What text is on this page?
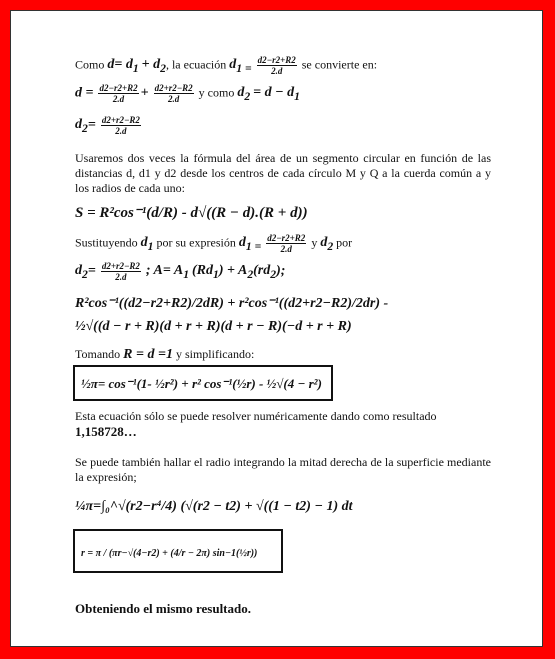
Como $d= d_1 + d_2$, la ecuación $d_{1 =} \frac{d2-r2+R2}{2.d}$ se convierte en:
$d = \frac{d2-r2+R2}{2.d} + \frac{d2+r2-R2}{2.d}$ y como $d_2 = d - d_1$
$d_2= \frac{d2+r2-R2}{2.d}$
Usaremos dos veces la fórmula del área de un segmento circular en función de las distancias d, d1 y d2 desde los centros de cada círculo M y Q a la cuerda común a y los radios de cada uno:
S = R²cos⁻¹(d/R) - d√((R − d).(R + d))
Sustituyendo $d_1$ por su expresión $d_{1 =} \frac{d2-r2+R2}{2.d}$ y $d_2$ por
$d_2= \frac{d2+r2-R2}{2.d}$ ; $A= A_1$ $(Rd_1) + A_2(rd_2)$;
R²cos⁻¹((d2−r2+R2)/2dR) + r²cos⁻¹((d2+r2−R2)/2dr) -
½√((d − r + R)(d + r + R)(d + r − R)(−d + r + R)
Tomando R = d =1 y simplificando:
½π= cos⁻¹(1- ½r²) + r² cos⁻¹(½r) - ½√(4 − r²)
Esta ecuación sólo se puede resolver numéricamente dando como resultado
1,158728…
Se puede también hallar el radio integrando la mitad derecha de la superficie mediante la expresión;
¼π=∫₀^√(r2−r⁴/4) (√(r2 − t2) + √((1 − t2) − 1) dt
r = π / (πr−√(4−r2) + (4/r − 2π) sin−1(½r))
Obteniendo el mismo resultado.
